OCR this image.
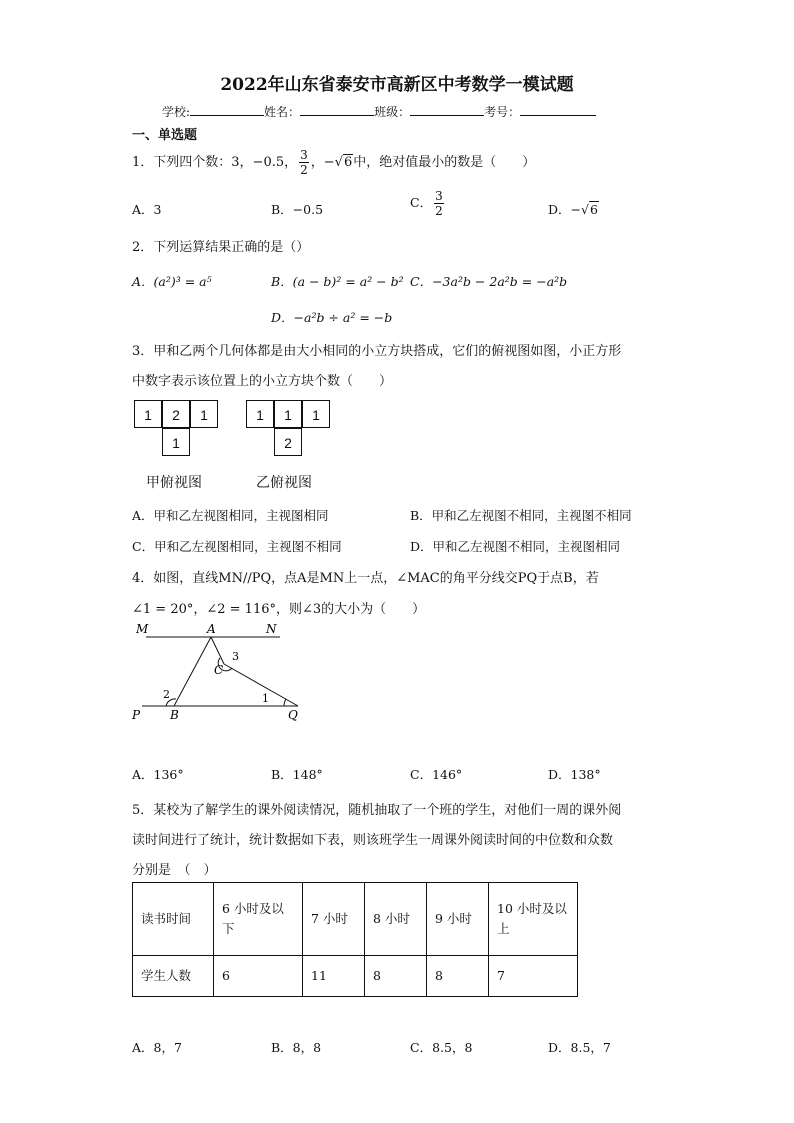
2022年山东省泰安市高新区中考数学一模试题
学校:	姓名：	班级：	考号：
一、单选题
1．下列四个数：3，−0.5， $\frac{3}{2}$ ，−√6中，绝对值最小的数是（　　）
A．3	B．−0.5	C． $\frac{3}{2}$	D．−√6
2．下列运算结果正确的是（）
A．(a²)³ = a⁵	B．(a − b)² = a² − b² C．−3a²b − 2a²b = −a²b
D．−a²b ÷ a² = −b
3．甲和乙两个几何体都是由大小相同的小立方块搭成，它们的俯视图如图，小正方形
中数字表示该位置上的小立方块个数（　　）
1	2	1
1
1	1	1
2
甲俯视图	乙俯视图
A．甲和乙左视图相同，主视图相同	B．甲和乙左视图不相同，主视图不相同
C．甲和乙左视图相同，主视图不相同	D．甲和乙左视图不相同，主视图相同
4．如图，直线MN//PQ，点A是MN上一点，∠MAC的角平分线交PQ于点B，若
∠1 = 20°，∠2 = 116°，则∠3的大小为（　　）
M	A	N
3
C
2	1
P B	Q
A．136°	B．148°	C．146°	D．138°
5．某校为了解学生的课外阅读情况，随机抽取了一个班的学生，对他们一周的课外阅
读时间进行了统计，统计数据如下表，则该班学生一周课外阅读时间的中位数和众数
分别是　（　）
读书时间	6 小时及以下	7 小时	8 小时	9 小时	10 小时及以上
学生人数	6	11	8	8	7
A．8，7	B．8，8	C．8.5，8	D．8.5，7
